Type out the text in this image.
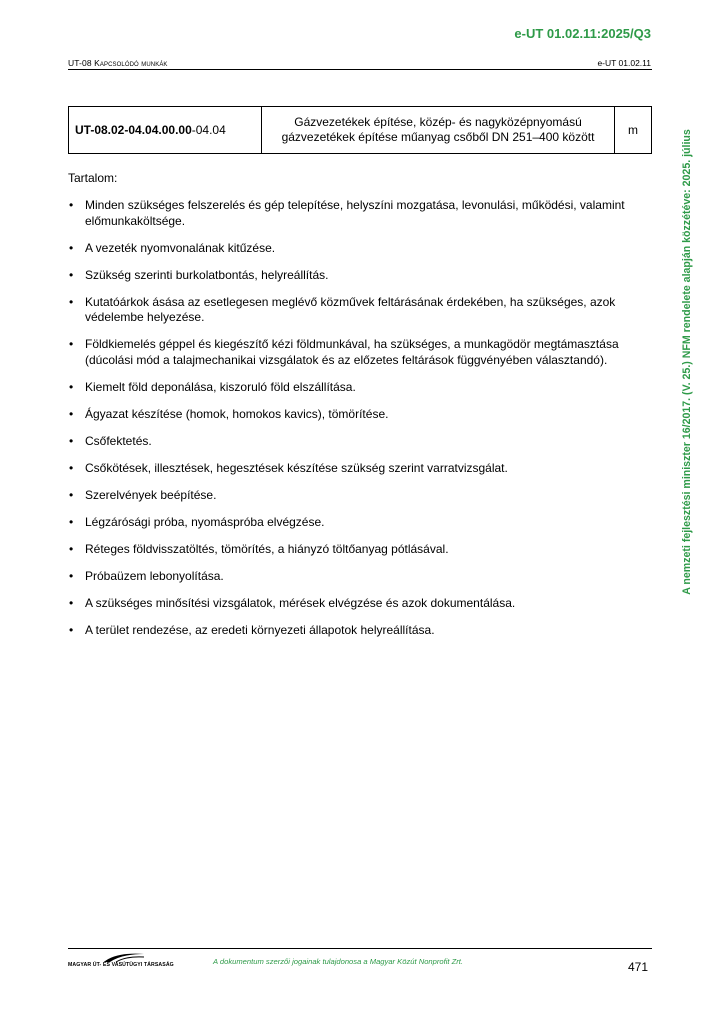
e-UT 01.02.11:2025/Q3
UT-08 Kapcsolódó munkák	e-UT 01.02.11
UT-08.02-04.04.00.00-04.04	
Gázvezetékek építése, közép- és nagyközépnyomású
gázvezetékek építése műanyag csőből DN 251–400 között	m
Tartalom:
• Minden szükséges felszerelés és gép telepítése, helyszíni mozgatása, levonulási, működési, valamint előmunkaköltsége.
• A vezeték nyomvonalának kitűzése.
• Szükség szerinti burkolatbontás, helyreállítás.
• Kutatóárkok ásása az esetlegesen meglévő közművek feltárásának érdekében, ha szükséges, azok védelembe helyezése.
• Földkiemelés géppel és kiegészítő kézi földmunkával, ha szükséges, a munkagödör megtámasztása (dúcolási mód a talajmechanikai vizsgálatok és az előzetes feltárások függvényében választandó).
• Kiemelt föld deponálása, kiszoruló föld elszállítása.
• Ágyazat készítése (homok, homokos kavics), tömörítése.
• Csőfektetés.
• Csőkötések, illesztések, hegesztések készítése szükség szerint varratvizsgálat.
• Szerelvények beépítése.
• Légzárósági próba, nyomáspróba elvégzése.
• Réteges földvisszatöltés, tömörítés, a hiányzó töltőanyag pótlásával.
• Próbaüzem lebonyolítása.
• A szükséges minősítési vizsgálatok, mérések elvégzése és azok dokumentálása.
• A terület rendezése, az eredeti környezeti állapotok helyreállítása.
A nemzeti fejlesztési miniszter 16/2017. (V. 25.) NFM rendelete alapján közzétéve: 2025. július
MAGYAR ÚT- ÉS VASÚTÜGYI TÁRSASÁG	A dokumentum szerzői jogainak tulajdonosa a Magyar Közút Nonprofit Zrt.	471
